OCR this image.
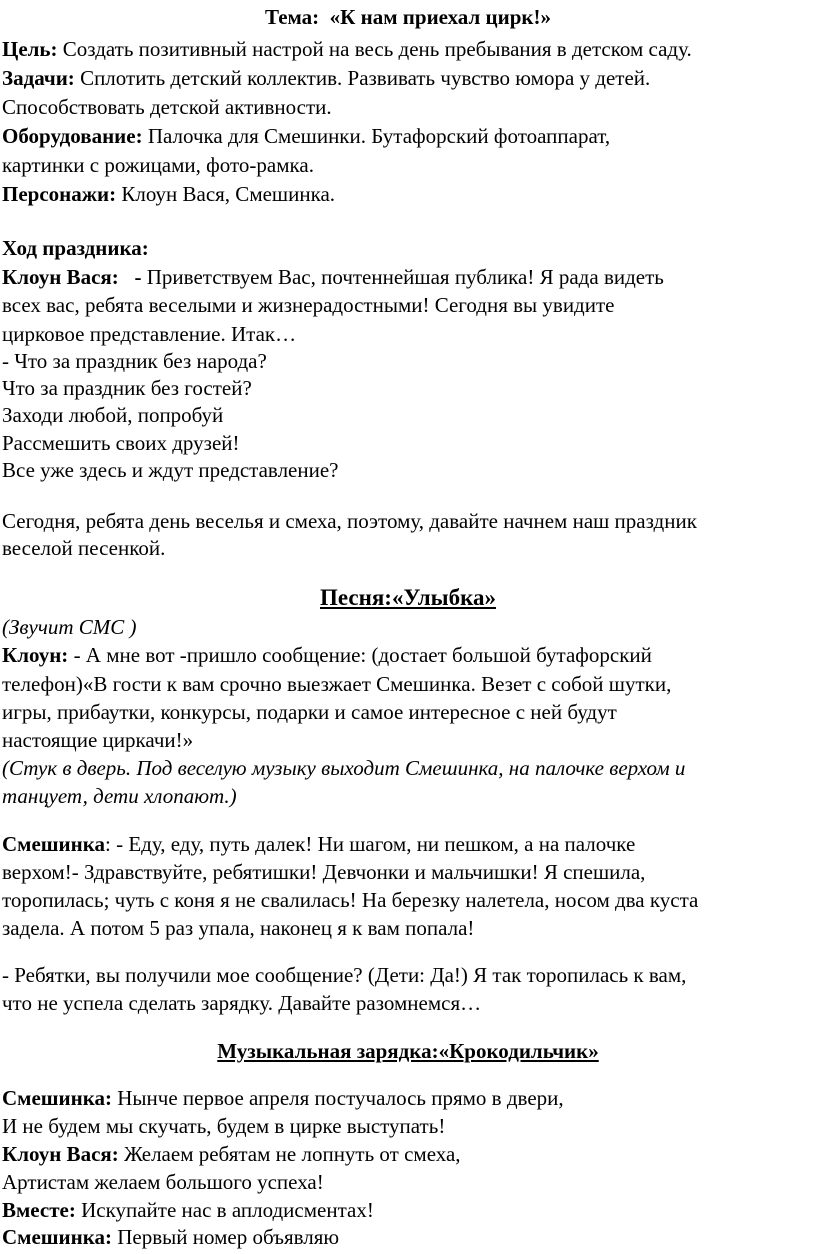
Тема: «К нам приехал цирк!»
Цель: Создать позитивный настрой на весь день пребывания в детском саду.
Задачи: Сплотить детский коллектив. Развивать чувство юмора у детей.
Способствовать детской активности.
Оборудование: Палочка для Смешинки. Бутафорский фотоаппарат,
картинки с рожицами, фото-рамка.
Персонажи: Клоун Вася, Смешинка.
Ход праздника:
Клоун Вася: - Приветствуем Вас, почтеннейшая публика! Я рада видеть
всех вас, ребята веселыми и жизнерадостными! Сегодня вы увидите
цирковое представление. Итак…
- Что за праздник без народа?
Что за праздник без гостей?
Заходи любой, попробуй
Рассмешить своих друзей!
Все уже здесь и ждут представление?
Сегодня, ребята день веселья и смеха, поэтому, давайте начнем наш праздник
веселой песенкой.
Песня:«Улыбка»
(Звучит СМС )
Клоун: - А мне вот -пришло сообщение: (достает большой бутафорский
телефон)«В гости к вам срочно выезжает Смешинка. Везет с собой шутки,
игры, прибаутки, конкурсы, подарки и самое интересное с ней будут
настоящие циркачи!»
(Стук в дверь. Под веселую музыку выходит Смешинка, на палочке верхом и
танцует, дети хлопают.)
Смешинка: - Еду, еду, путь далек! Ни шагом, ни пешком, а на палочке
верхом!- Здравствуйте, ребятишки! Девчонки и мальчишки! Я спешила,
торопилась; чуть с коня я не свалилась! На березку налетела, носом два куста
задела. А потом 5 раз упала, наконец я к вам попала!
- Ребятки, вы получили мое сообщение? (Дети: Да!) Я так торопилась к вам,
что не успела сделать зарядку. Давайте разомнемся…
Музыкальная зарядка:«Крокодильчик»
Смешинка: Нынче первое апреля постучалось прямо в двери,
И не будем мы скучать, будем в цирке выступать!
Клоун Вася: Желаем ребятам не лопнуть от смеха,
Артистам желаем большого успеха!
Вместе: Искупайте нас в аплодисментах!
Смешинка: Первый номер объявляю
